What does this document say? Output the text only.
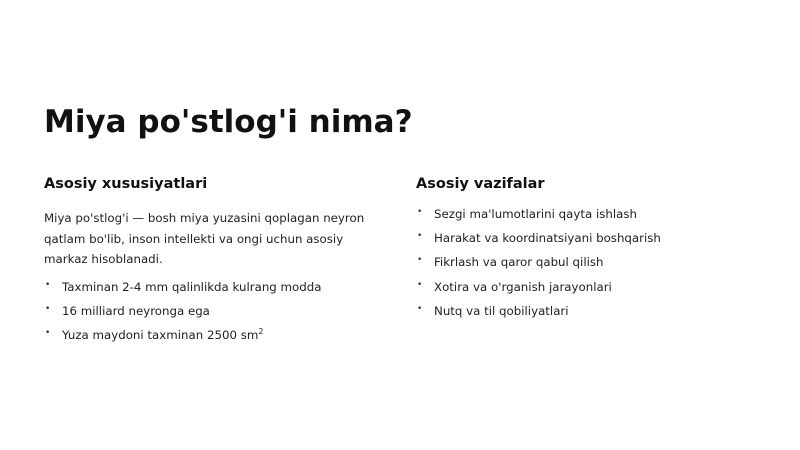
Miya po'stlog'i nima?
Asosiy xususiyatlari

Miya po'stlog'i — bosh miya yuzasini qoplagan neyron qatlam bo'lib, inson intellekti va ongi uchun asosiy markaz hisoblanadi.

• Taxminan 2-4 mm qalinlikda kulrang modda
• 16 milliard neyronga ega
• Yuza maydoni taxminan 2500 $sm^2$
Asosiy vazifalar
• Sezgi ma'lumotlarini qayta ishlash
• Harakat va koordinatsiyani boshqarish
• Fikrlash va qaror qabul qilish
• Xotira va o'rganish jarayonlari
• Nutq va til qobiliyatlari
